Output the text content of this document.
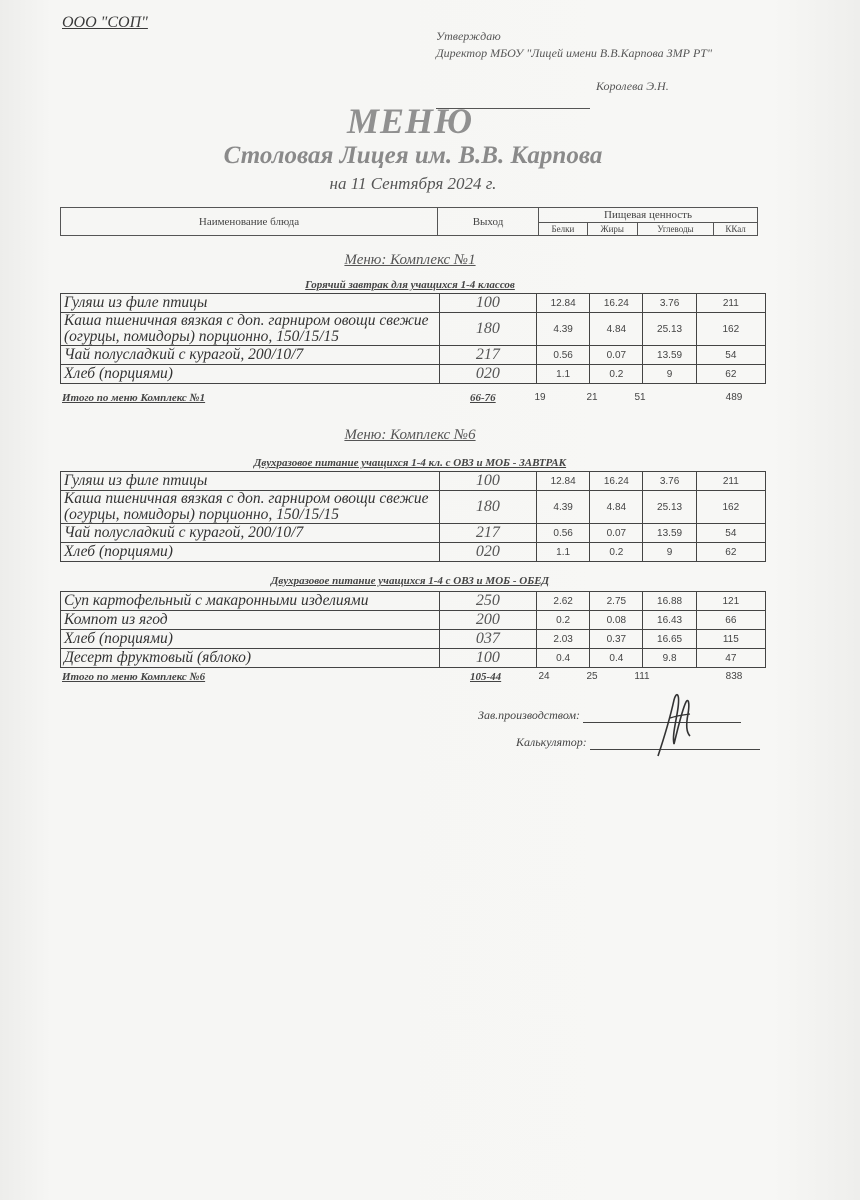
ООО "СОП"
Утверждаю
Директор МБОУ "Лицей имени В.В.Карпова ЗМР РТ"
Королева Э.Н.
МЕНЮ
Столовая Лицея им. В.В. Карпова
на 11 Сентября 2024 г.
Наименование блюда	Выход	Пищевая ценность			
		Белки	Жиры	Углеводы	ККал
Меню: Комплекс №1
Горячий завтрак для учащихся 1-4 классов
Гуляш из филе птицы	100	12.84	16.24	3.76	211
Каша пшеничная вязкая с доп. гарниром овощи свежие (огурцы, помидоры) порционно, 150/15/15	180	4.39	4.84	25.13	162
Чай полусладкий с курагой, 200/10/7	217	0.56	0.07	13.59	54
Хлеб (порциями)	020	1.1	0.2	9	62
Итого по меню Комплекс №1	66-76	19	21	51	489
Меню: Комплекс №6
Двухразовое питание учащихся 1-4 кл. с ОВЗ и МОБ - ЗАВТРАК
Гуляш из филе птицы	100	12.84	16.24	3.76	211
Каша пшеничная вязкая с доп. гарниром овощи свежие (огурцы, помидоры) порционно, 150/15/15	180	4.39	4.84	25.13	162
Чай полусладкий с курагой, 200/10/7	217	0.56	0.07	13.59	54
Хлеб (порциями)	020	1.1	0.2	9	62
Двухразовое питание учащихся 1-4 с ОВЗ и МОБ - ОБЕД
Суп картофельный с макаронными изделиями	250	2.62	2.75	16.88	121
Компот из ягод	200	0.2	0.08	16.43	66
Хлеб (порциями)	037	2.03	0.37	16.65	115
Десерт фруктовый (яблоко)	100	0.4	0.4	9.8	47
Итого по меню Комплекс №6	105-44	24	25	111	838
Зав.производством:
Калькулятор:
